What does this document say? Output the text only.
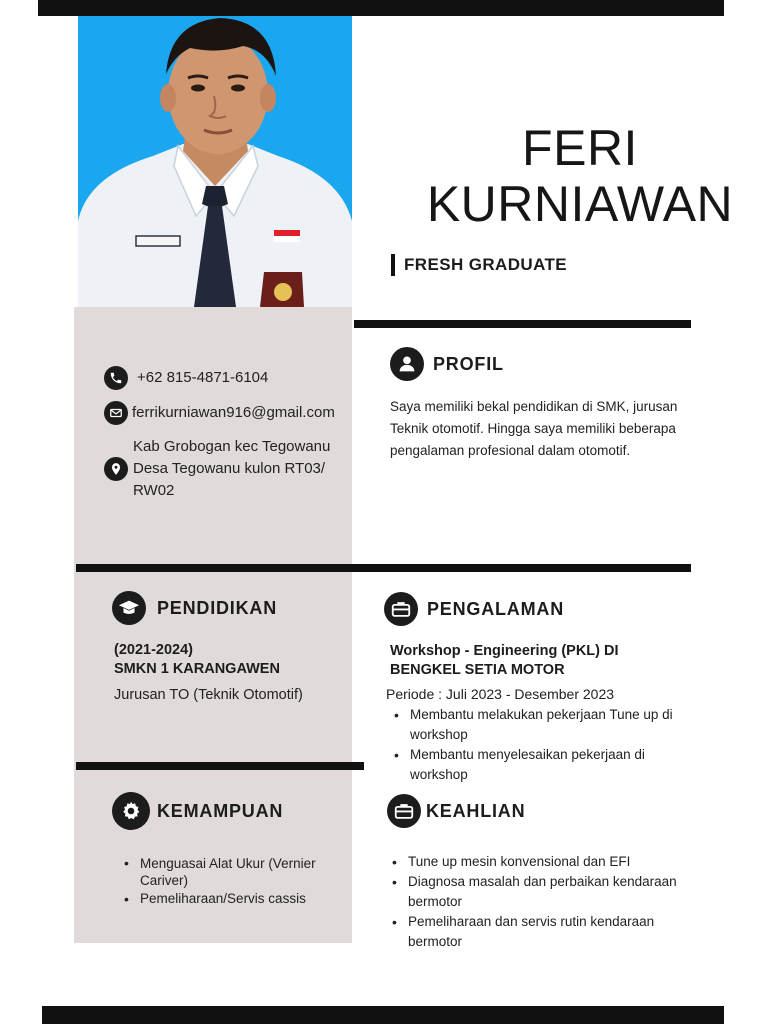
FERI
KURNIAWAN
FRESH GRADUATE
+62 815-4871-6104
ferrikurniawan916@gmail.com
Kab Grobogan kec Tegowanu Desa Tegowanu kulon RT03/ RW02
PROFIL

Saya memiliki bekal pendidikan di SMK, jurusan Teknik otomotif. Hingga saya memiliki beberapa pengalaman profesional dalam otomotif.

PENDIDIKAN
(2021-2024)
SMKN 1 KARANGAWEN
Jurusan TO (Teknik Otomotif)
PENGALAMAN
Workshop - Engineering (PKL) DI
BENGKEL SETIA MOTOR
Periode : Juli 2023 - Desember 2023
• Membantu melakukan pekerjaan Tune up di workshop
• Membantu menyelesaikan pekerjaan di workshop
KEMAMPUAN
• Menguasai Alat Ukur (Vernier Cariver)
• Pemeliharaan/Servis cassis
KEAHLIAN
• Tune up mesin konvensional dan EFI
• Diagnosa masalah dan perbaikan kendaraan bermotor
• Pemeliharaan dan servis rutin kendaraan bermotor
